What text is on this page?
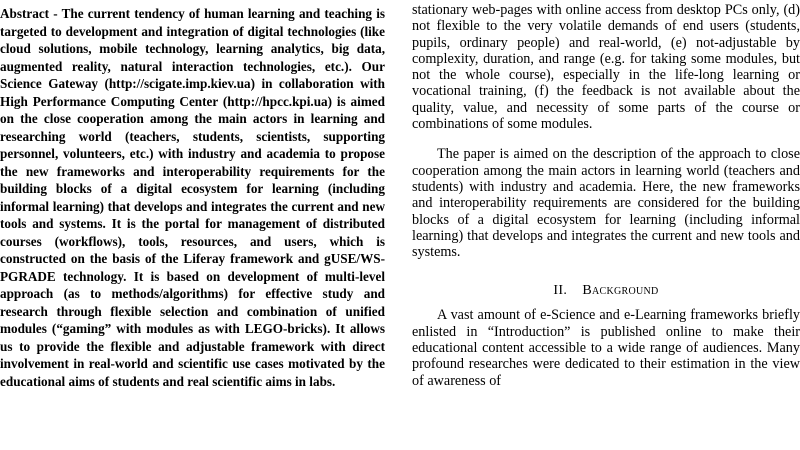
Abstract - The current tendency of human learning and teaching is targeted to development and integration of digital technologies (like cloud solutions, mobile technology, learning analytics, big data, augmented reality, natural interaction technologies, etc.). Our Science Gateway (http://scigate.imp.kiev.ua) in collaboration with High Performance Computing Center (http://hpcc.kpi.ua) is aimed on the close cooperation among the main actors in learning and researching world (teachers, students, scientists, supporting personnel, volunteers, etc.) with industry and academia to propose the new frameworks and interoperability requirements for the building blocks of a digital ecosystem for learning (including informal learning) that develops and integrates the current and new tools and systems. It is the portal for management of distributed courses (workflows), tools, resources, and users, which is constructed on the basis of the Liferay framework and gUSE/WS-PGRADE technology. It is based on development of multi-level approach (as to methods/algorithms) for effective study and research through flexible selection and combination of unified modules (“gaming” with modules as with LEGO-bricks). It allows us to provide the flexible and adjustable framework with direct involvement in real-world and scientific use cases motivated by the educational aims of students and real scientific aims in labs.

stationary web-pages with online access from desktop PCs only, (d) not flexible to the very volatile demands of end users (students, pupils, ordinary people) and real-world, (e) not-adjustable by complexity, duration, and range (e.g. for taking some modules, but not the whole course), especially in the life-long learning or vocational training, (f) the feedback is not available about the quality, value, and necessity of some parts of the course or combinations of some modules.

The paper is aimed on the description of the approach to close cooperation among the main actors in learning world (teachers and students) with industry and academia. Here, the new frameworks and interoperability requirements are considered for the building blocks of a digital ecosystem for learning (including informal learning) that develops and integrates the current and new tools and systems.

II. Background

A vast amount of e-Science and e-Learning frameworks briefly enlisted in “Introduction” is published online to make their educational content accessible to a wide range of audiences. Many profound researches were dedicated to their estimation in the view of awareness of
